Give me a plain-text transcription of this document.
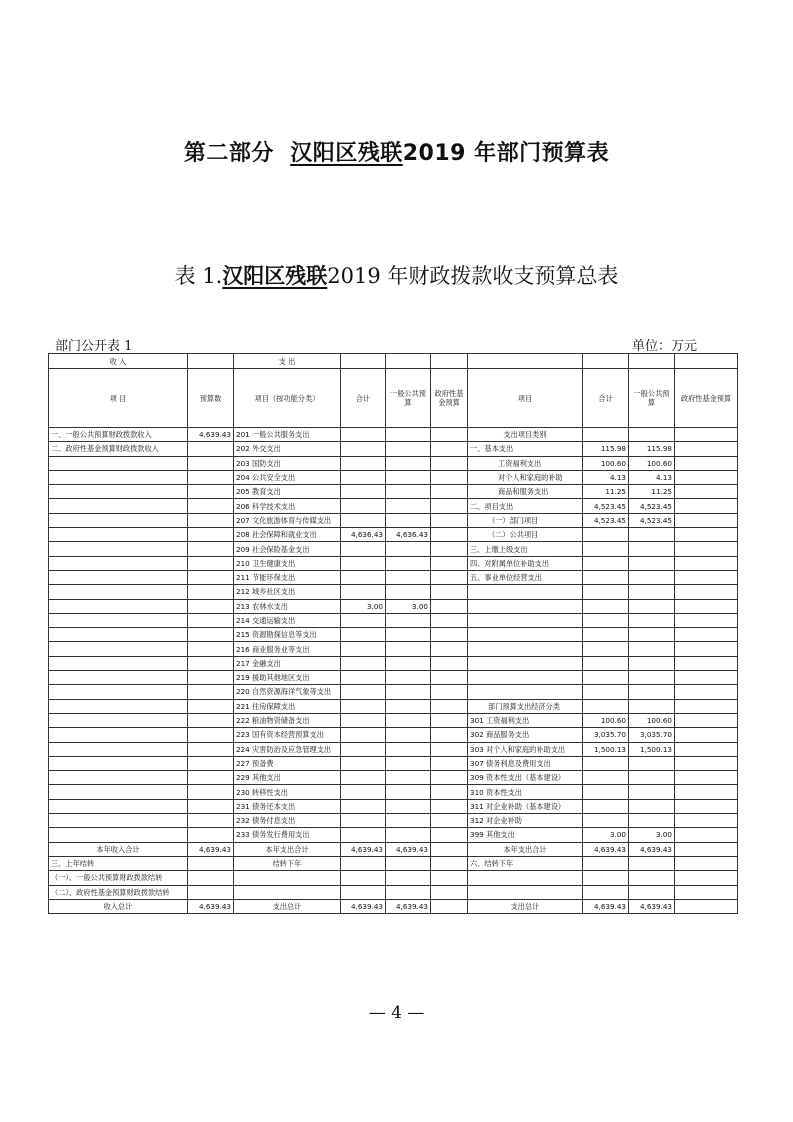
第二部分 汉阳区残联2019 年部门预算表
表 1.汉阳区残联2019 年财政拨款收支预算总表
部门公开表 1	单位：万元
收 入		支 出							
项 目	预算数	项目（按功能分类）	合计	一般公共预算	政府性基金预算	项目	合计	一般公共预算	政府性基金预算
一、一般公共预算财政拨款收入	4,639.43	201 一般公共服务支出				支出项目类别			
二、政府性基金预算财政拨款收入		202 外交支出				一、基本支出	115.98	115.98	
		203 国防支出				工资福利支出	100.60	100.60	
		204 公共安全支出				对个人和家庭的补助	4.13	4.13	
		205 教育支出				商品和服务支出	11.25	11.25	
		206 科学技术支出				二、项目支出	4,523.45	4,523.45	
		207 文化旅游体育与传媒支出				（一）部门项目	4,523.45	4,523.45	
		208 社会保障和就业支出	4,636.43	4,636.43		（二）公共项目			
		209 社会保险基金支出				三、上缴上级支出			
		210 卫生健康支出				四、对附属单位补助支出			
		211 节能环保支出				五、事业单位经营支出			
		212 城乡社区支出							
		213 农林水支出	3.00	3.00					
		214 交通运输支出							
		215 资源勘探信息等支出							
		216 商业服务业等支出							
		217 金融支出							
		219 援助其他地区支出							
		220 自然资源海洋气象等支出							
		221 住房保障支出				部门预算支出经济分类			
		222 粮油物资储备支出				301 工资福利支出	100.60	100.60	
		223 国有资本经营预算支出				302 商品服务支出	3,035.70	3,035.70	
		224 灾害防治及应急管理支出				303 对个人和家庭的补助支出	1,500.13	1,500.13	
		227 预备费				307 债务利息及费用支出			
		229 其他支出				309 资本性支出（基本建设）			
		230 转移性支出				310 资本性支出			
		231 债务还本支出				311 对企业补助（基本建设）			
		232 债务付息支出				312 对企业补助			
		233 债务发行费用支出				399 其他支出	3.00	3.00	
本年收入合计	4,639.43	本年支出合计	4,639.43	4,639.43		本年支出合计	4,639.43	4,639.43	
三、上年结转		结转下年				六、结转下年			
（一）、一般公共预算财政拨款结转									
（二）、政府性基金预算财政拨款结转									
收入总计	4,639.43	支出总计	4,639.43	4,639.43		支出总计	4,639.43	4,639.43	
— 4 —
